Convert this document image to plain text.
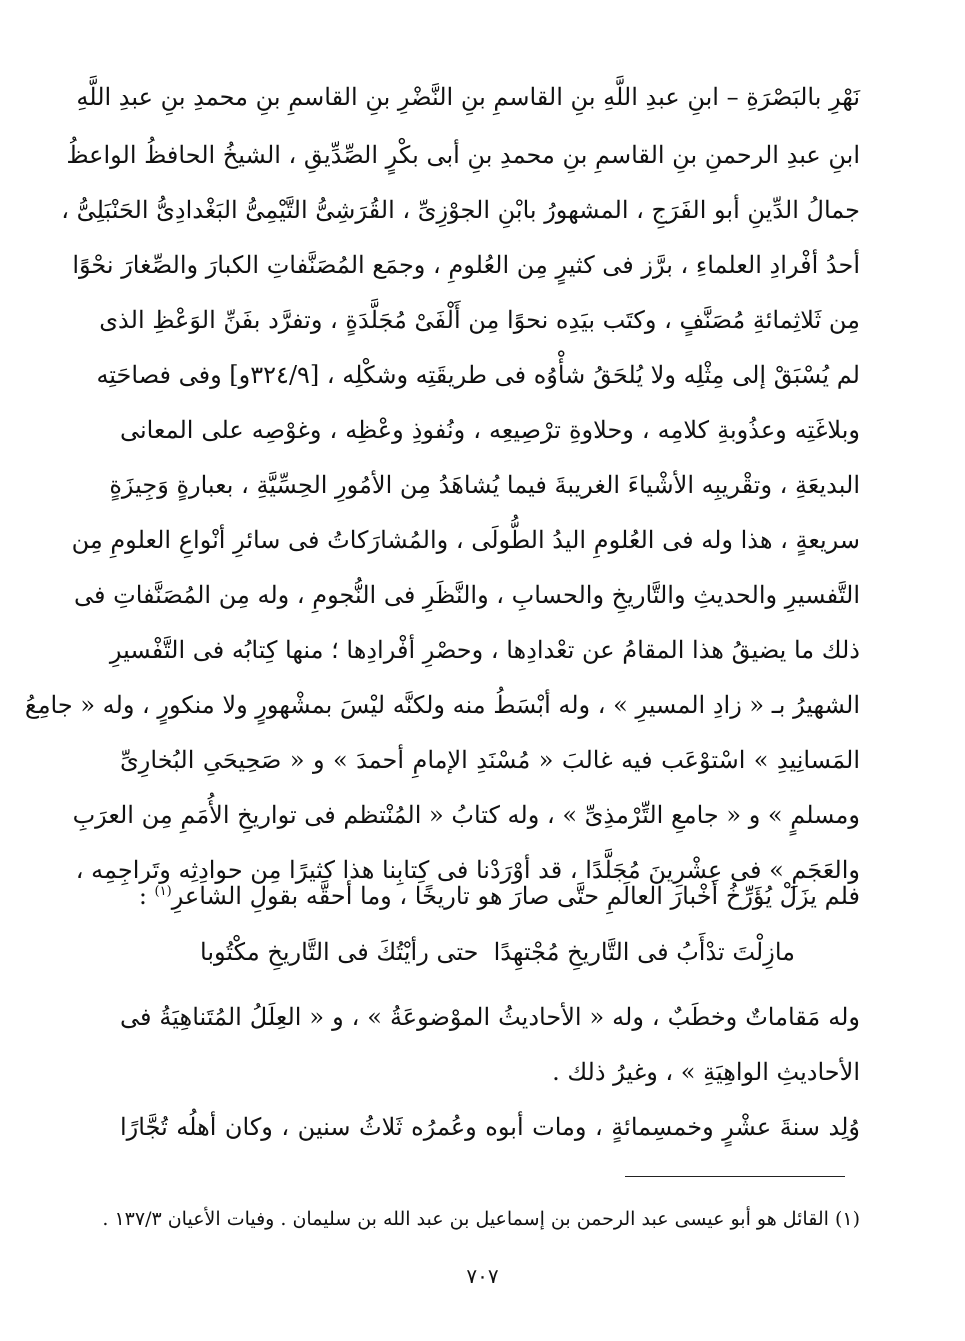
نَهْرِ بالبَصْرَةِ – ابنِ عبدِ اللَّهِ بنِ القاسمِ بنِ النَّضْرِ بنِ القاسمِ بنِ محمدِ بنِ عبدِ اللَّهِ
ابنِ عبدِ الرحمنِ بنِ القاسمِ بنِ محمدِ بنِ أبى بكْرٍ الصِّدِّيقِ ، الشيخُ الحافظُ الواعظُ
جمالُ الدِّينِ أبو الفَرَجِ ، المشهورُ بابْنِ الجوْزِىِّ ، القُرَشِىُّ التَّيْمِىُّ البَغْدادِىُّ الحَنْبَلِىُّ ،
أحدُ أفْرادِ العلماءِ ، برَّز فى كثيرٍ مِن العُلومِ ، وجمَع المُصَنَّفاتِ الكبارَ والصِّغارَ نحْوًا
مِن ثَلاثِمائةِ مُصَنَّفٍ ، وكتَب بيَدِه نحوًا مِن أَلْفَىْ مُجَلَّدَةٍ ، وتفرَّد بفَنِّ الوَعْظِ الذى
لم يُسْبَقْ إلى مِثْلِه ولا يُلحَقُ شأْوُه فى طريقَتِه وشكْلِه ، [٣٢٤/٩و] وفى فصاحَتِه
وبلاغَتِه وعذُوبةِ كلامِه ، وحلاوةِ ترْصِيعِه ، ونُفوذِ وعْظِه ، وغوْصِه على المعانى
البديعَةِ ، وتقْريبِه الأشْياءَ الغريبةَ فيما يُشاهَدُ مِن الأمُورِ الحِسِّيَّةِ ، بعبارةٍ وَجِيزَةٍ
سريعةٍ ، هذا وله فى العُلومِ اليدُ الطُّولَى ، والمُشارَكاتُ فى سائرِ أنْواعِ العلومِ مِن
التَّفسيرِ والحديثِ والتَّاريخِ والحسابِ ، والنَّظَرِ فى النُّجومِ ، وله مِن المُصَنَّفاتِ فى
ذلك ما يضيقُ هذا المقامُ عن تعْدادِها ، وحصْرِ أفْرادِها ؛ منها كِتابُه فى التَّفْسيرِ
الشهيرُ بـ « زادِ المسيرِ » ، وله أبْسَطُ منه ولكنَّه ليْسَ بمشْهورٍ ولا منكورٍ ، وله « جامِعُ
المَسانِيدِ » اسْتوْعَب فيه غالبَ « مُسْنَدِ الإمامِ أحمدَ » و « صَحِيحَىِ البُخارِىِّ
ومسلمٍ » و « جامعِ التِّرْمذِىِّ » ، وله كتابُ « المُنْتظم فى تواريخِ الأُمَمِ مِن العرَبِ
والعَجَمِ » فى عِشْرِينَ مُجَلَّدًا ، قد أوْرَدْنا فى كِتابِنا هذا كثيرًا مِن حوادِثِه وتَراجِمِه ،
فلم يزَلْ يُؤَرِّخُ أخْبارَ العالَمِ حتَّى صارَ هو تاريخًا ، وما أحقَّه بقولِ الشاعرِ$^{(١)}$ :
مازِلْتَ تدْأَبُ فى التَّاريخِ مُجْتهِدًا
حتى رأيْتُكَ فى التَّاريخِ مكْتُوبا
وله مَقاماتٌ وخطَبٌ ، وله « الأحاديثُ الموْضوعَةُ » ، و « العِلَلُ المُتَناهِيَةُ فى
الأحاديثِ الواهِيَةِ » ، وغيرُ ذلك .
وُلِد سنةَ عشْرٍ وخمسِمائةٍ ، ومات أبوه وعُمرُه ثَلاثُ سنين ، وكان أهلُه تُجَّارًا
(١) القائل هو أبو عيسى عبد الرحمن بن إسماعيل بن عبد الله بن سليمان . وفيات الأعيان ١٣٧/٣ .
٧٠٧
